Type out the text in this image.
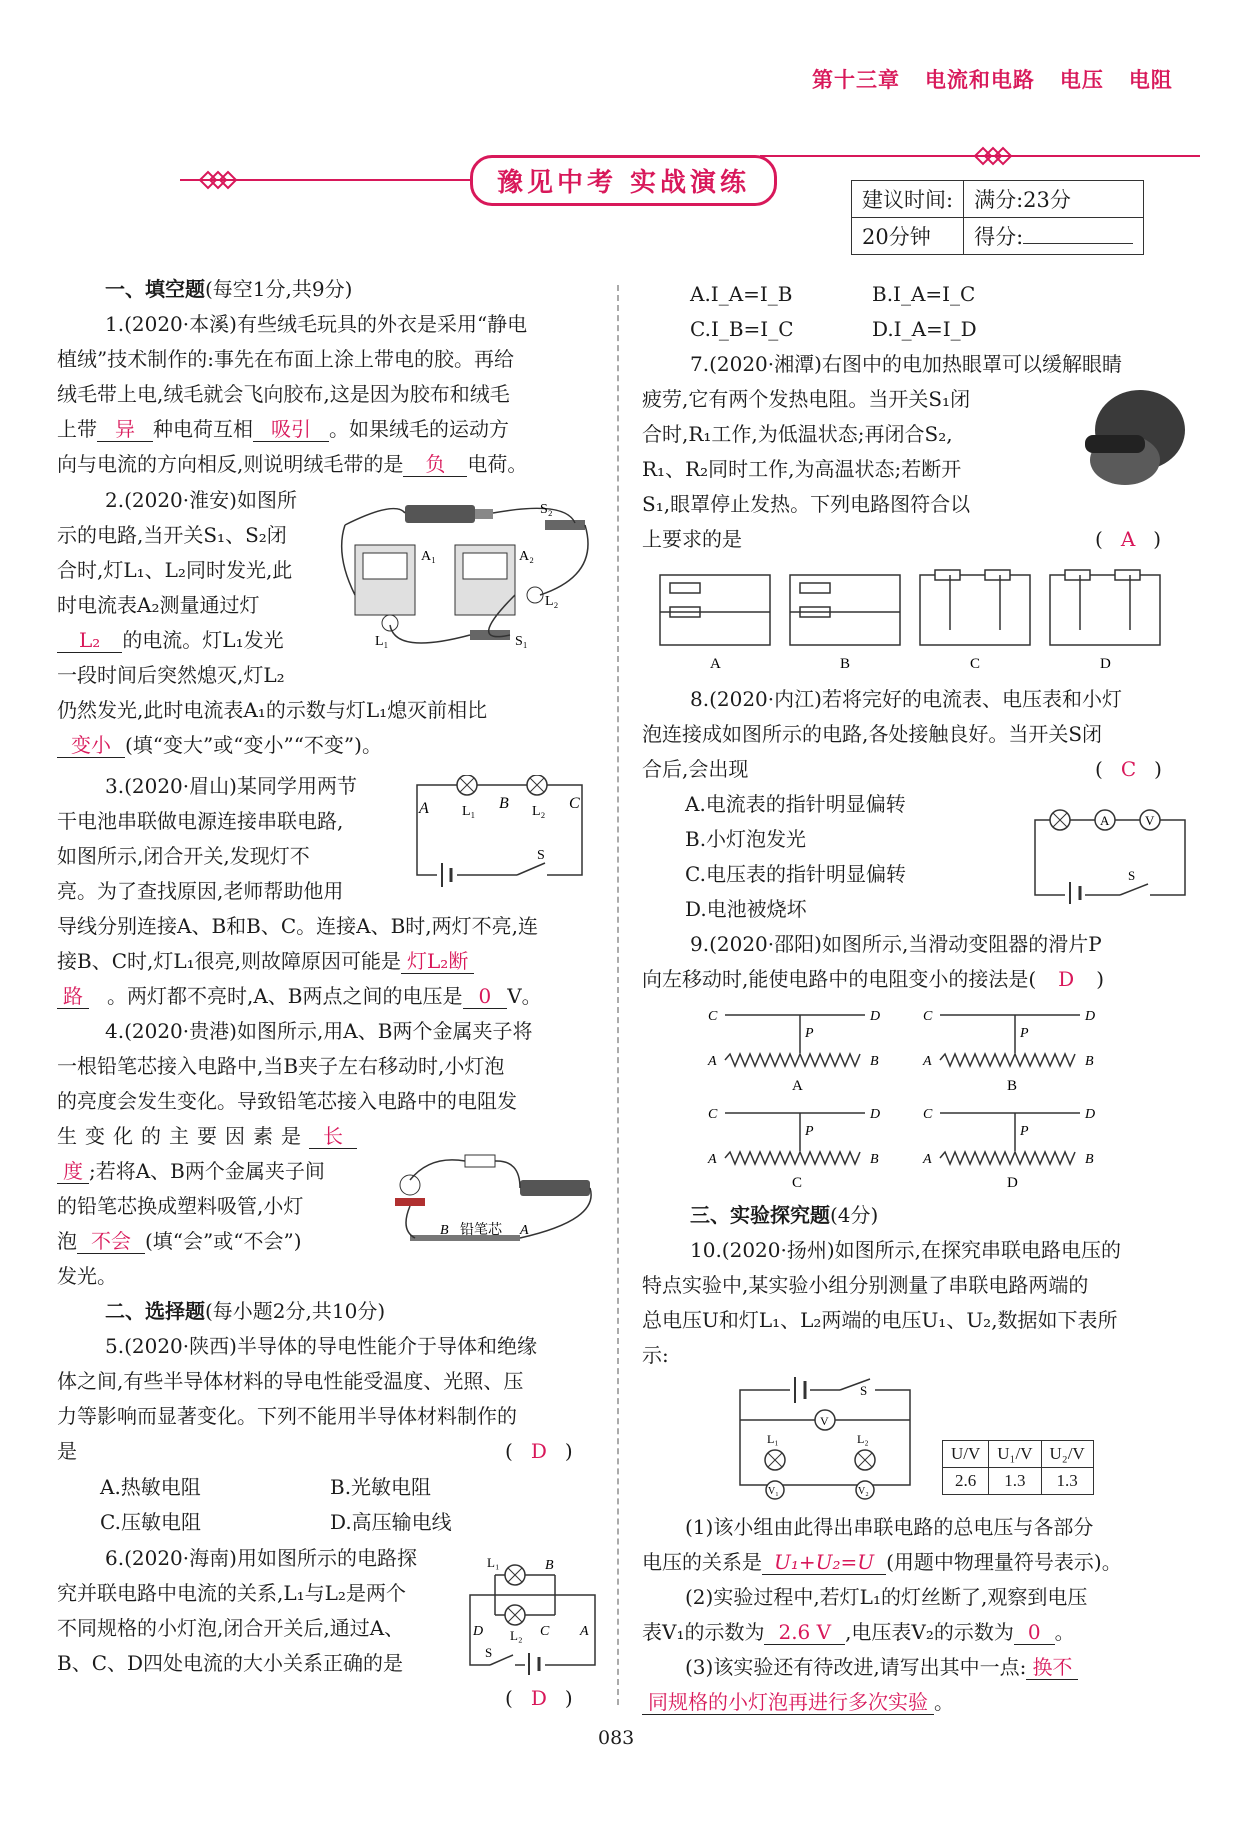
第十三章 电流和电路 电压 电阻
豫见中考 实战演练
建议时间:	满分:23分
20分钟	得分:
一、填空题(每空1分,共9分)
1.(2020·本溪)有些绒毛玩具的外衣是采用“静电
植绒”技术制作的:事先在布面上涂上带电的胶。再给
绒毛带上电,绒毛就会飞向胶布,这是因为胶布和绒毛
上带 异 种电荷互相 吸引 。如果绒毛的运动方
向与电流的方向相反,则说明绒毛带的是 负 电荷。
2.(2020·淮安)如图所
示的电路,当开关S₁、S₂闭
合时,灯L₁、L₂同时发光,此
时电流表A₂测量通过灯
L₂ 的电流。灯L₁发光
一段时间后突然熄灭,灯L₂
仍然发光,此时电流表A₁的示数与灯L₁熄灭前相比
变小 (填“变大”或“变小”“不变”)。
A₁	A₂
S₂
S₁
L₁
L₂
3.(2020·眉山)某同学用两节
干电池串联做电源连接串联电路,
如图所示,闭合开关,发现灯不
亮。为了查找原因,老师帮助他用
导线分别连接A、B和B、C。连接A、B时,两灯不亮,连
接B、C时,灯L₁很亮,则故障原因可能是 灯L₂断
路 。两灯都不亮时,A、B两点之间的电压是 0 V。
A L₁ B L₂ C
S
4.(2020·贵港)如图所示,用A、B两个金属夹子将
一根铅笔芯接入电路中,当B夹子左右移动时,小灯泡
的亮度会发生变化。导致铅笔芯接入电路中的电阻发
生变化的主要因素是 长
度 ;若将A、B两个金属夹子间
的铅笔芯换成塑料吸管,小灯
泡 不会 (填“会”或“不会”)
发光。
B 铅笔芯 A
二、选择题(每小题2分,共10分)
5.(2020·陕西)半导体的导电性能介于导体和绝缘
体之间,有些半导体材料的导电性能受温度、光照、压
力等影响而显著变化。下列不能用半导体材料制作的
是	( D )
A.热敏电阻	B.光敏电阻
C.压敏电阻	D.高压输电线
6.(2020·海南)用如图所示的电路探
究并联电路中电流的关系,L₁与L₂是两个
不同规格的小灯泡,闭合开关后,通过A、
B、C、D四处电流的大小关系正确的是
( D )
L₁	B
D L₂ C A
S
A.I_A=I_B	B.I_A=I_C
C.I_B=I_C	D.I_A=I_D
7.(2020·湘潭)右图中的电加热眼罩可以缓解眼睛
疲劳,它有两个发热电阻。当开关S₁闭
合时,R₁工作,为低温状态;再闭合S₂,
R₁、R₂同时工作,为高温状态;若断开
S₁,眼罩停止发热。下列电路图符合以
上要求的是	( A )
A	B	C	D
8.(2020·内江)若将完好的电流表、电压表和小灯
泡连接成如图所示的电路,各处接触良好。当开关S闭
合后,会出现	( C )
A.电流表的指针明显偏转
B.小灯泡发光
C.电压表的指针明显偏转
D.电池被烧坏
A	V
S
9.(2020·邵阳)如图所示,当滑动变阻器的滑片P
向左移动时,能使电路中的电阻变小的接法是( D )
C	D
A	B
P
C	D
A	B
P
C	D
A	B
P
C	D
A	B
P
A	B
C	D
三、实验探究题(4分)
10.(2020·扬州)如图所示,在探究串联电路电压的
特点实验中,某实验小组分别测量了串联电路两端的
总电压U和灯L₁、L₂两端的电压U₁、U₂,数据如下表所
示:
S
V
L₁	L₂
V₁	V₂
U/V	U₁/V	U₂/V
2.6	1.3	1.3
(1)该小组由此得出串联电路的总电压与各部分
电压的关系是 U₁+U₂=U (用题中物理量符号表示)。
(2)实验过程中,若灯L₁的灯丝断了,观察到电压
表V₁的示数为 2.6 V ,电压表V₂的示数为 0 。
(3)该实验还有待改进,请写出其中一点: 换不
同规格的小灯泡再进行多次实验 。
083
